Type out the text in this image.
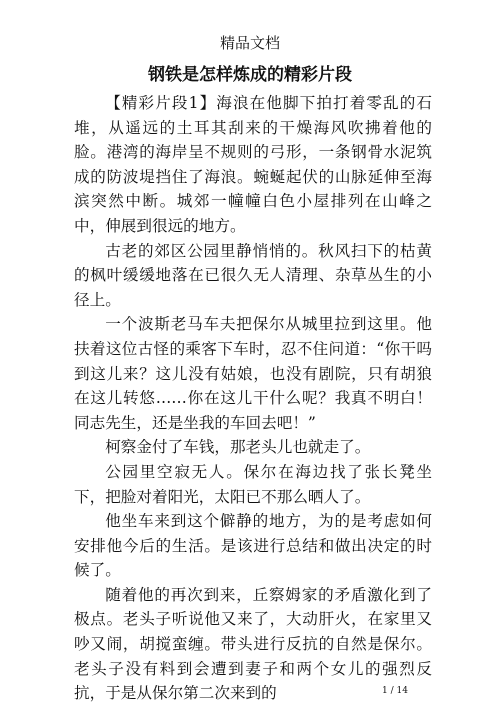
精品文档
钢铁是怎样炼成的精彩片段

【精彩片段1】海浪在他脚下拍打着零乱的石堆，从遥远的土耳其刮来的干燥海风吹拂着他的脸。港湾的海岸呈不规则的弓形，一条钢骨水泥筑成的防波堤挡住了海浪。蜿蜒起伏的山脉延伸至海滨突然中断。城郊一幢幢白色小屋排列在山峰之中，伸展到很远的地方。

古老的郊区公园里静悄悄的。秋风扫下的枯黄的枫叶缓缓地落在已很久无人清理、杂草丛生的小径上。

一个波斯老马车夫把保尔从城里拉到这里。他扶着这位古怪的乘客下车时，忍不住问道：“你干吗到这儿来？这儿没有姑娘，也没有剧院，只有胡狼在这儿转悠……你在这儿干什么呢？我真不明白！同志先生，还是坐我的车回去吧！”

柯察金付了车钱，那老头儿也就走了。

公园里空寂无人。保尔在海边找了张长凳坐下，把脸对着阳光，太阳已不那么晒人了。

他坐车来到这个僻静的地方，为的是考虑如何安排他今后的生活。是该进行总结和做出决定的时候了。

随着他的再次到来，丘察姆家的矛盾激化到了极点。老头子听说他又来了，大动肝火，在家里又吵又闹，胡搅蛮缠。带头进行反抗的自然是保尔。老头子没有料到会遭到妻子和两个女儿的强烈反抗，于是从保尔第二次来到的	1 / 14
